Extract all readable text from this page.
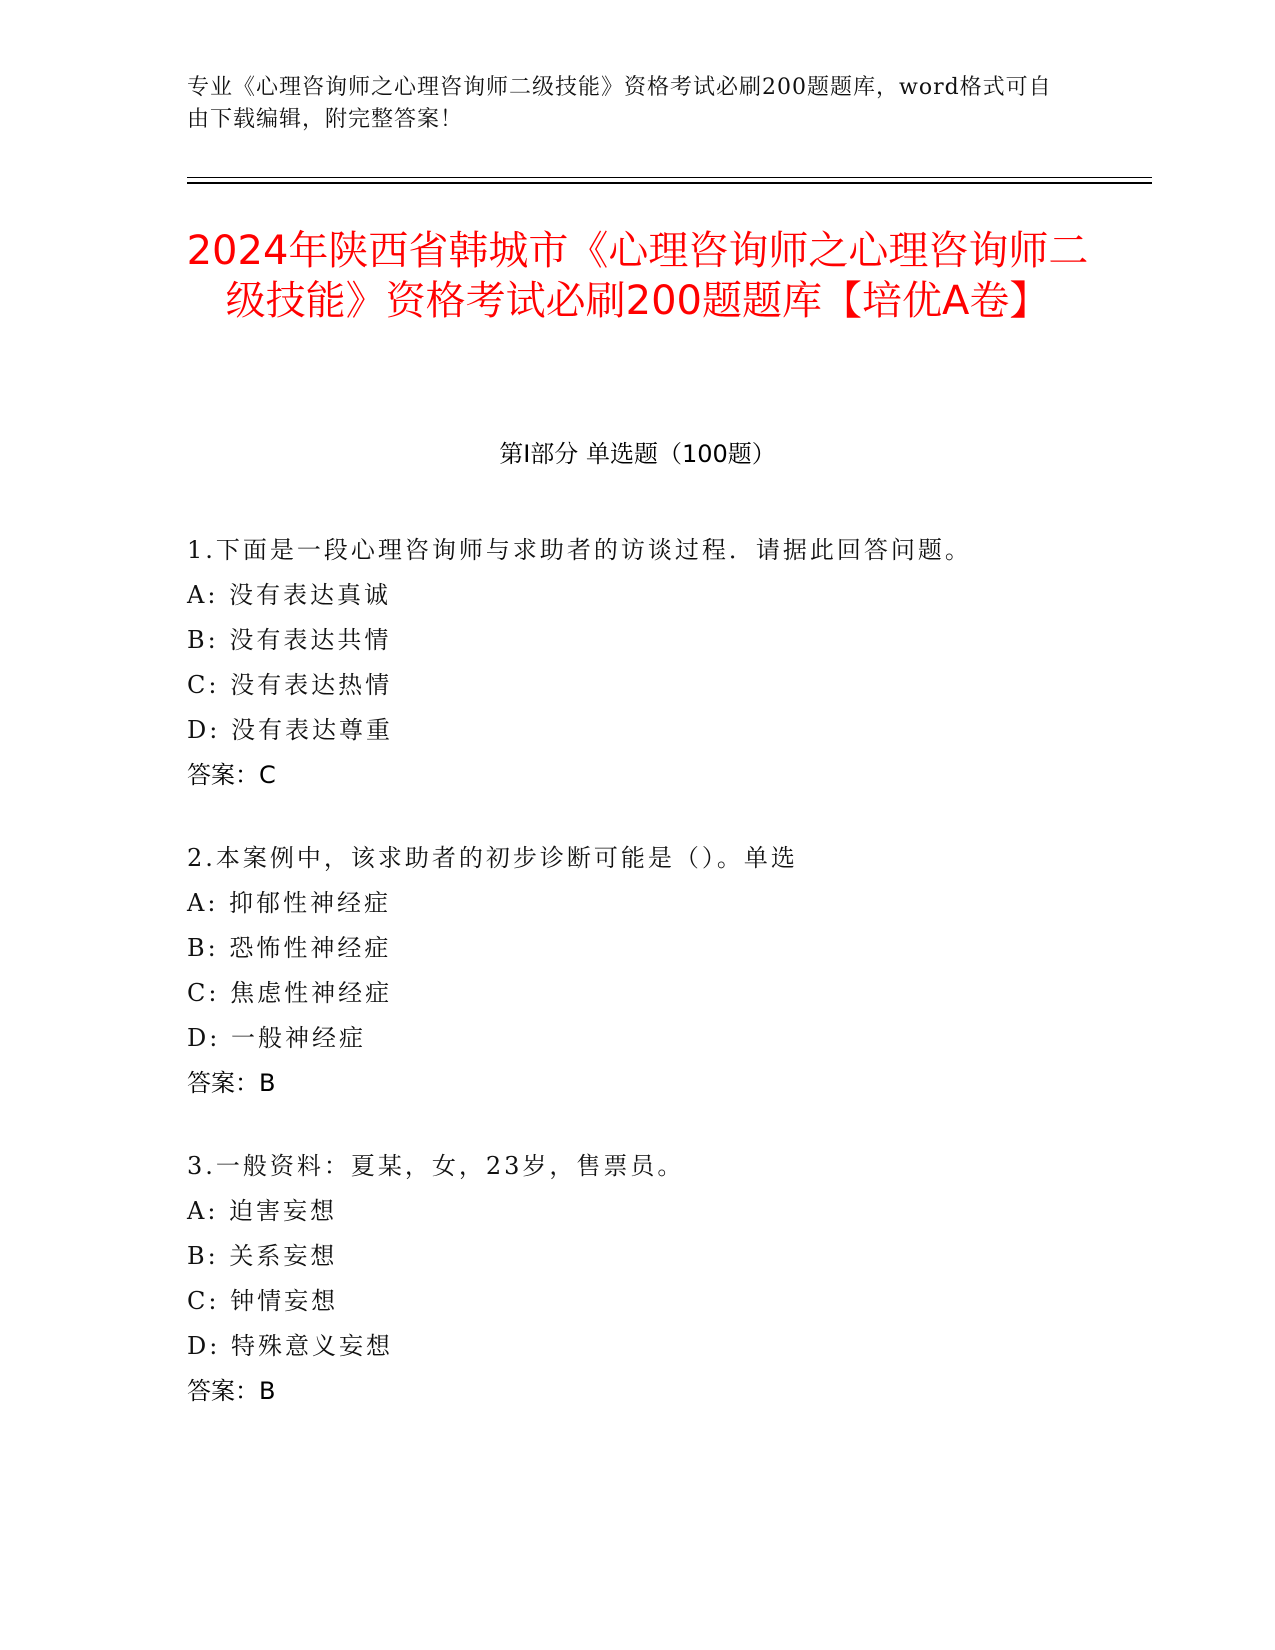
专业《心理咨询师之心理咨询师二级技能》资格考试必刷200题题库，word格式可自由下载编辑，附完整答案！
2024年陕西省韩城市《心理咨询师之心理咨询师二级技能》资格考试必刷200题题库【培优A卷】
第I部分 单选题（100题）
1.下面是一段心理咨询师与求助者的访谈过程．请据此回答问题。
A: 没有表达真诚
B: 没有表达共情
C: 没有表达热情
D: 没有表达尊重
答案：C
2.本案例中，该求助者的初步诊断可能是（）。单选
A: 抑郁性神经症
B: 恐怖性神经症
C: 焦虑性神经症
D: 一般神经症
答案：B
3.一般资料：夏某，女，23岁，售票员。
A: 迫害妄想
B: 关系妄想
C: 钟情妄想
D: 特殊意义妄想
答案：B
